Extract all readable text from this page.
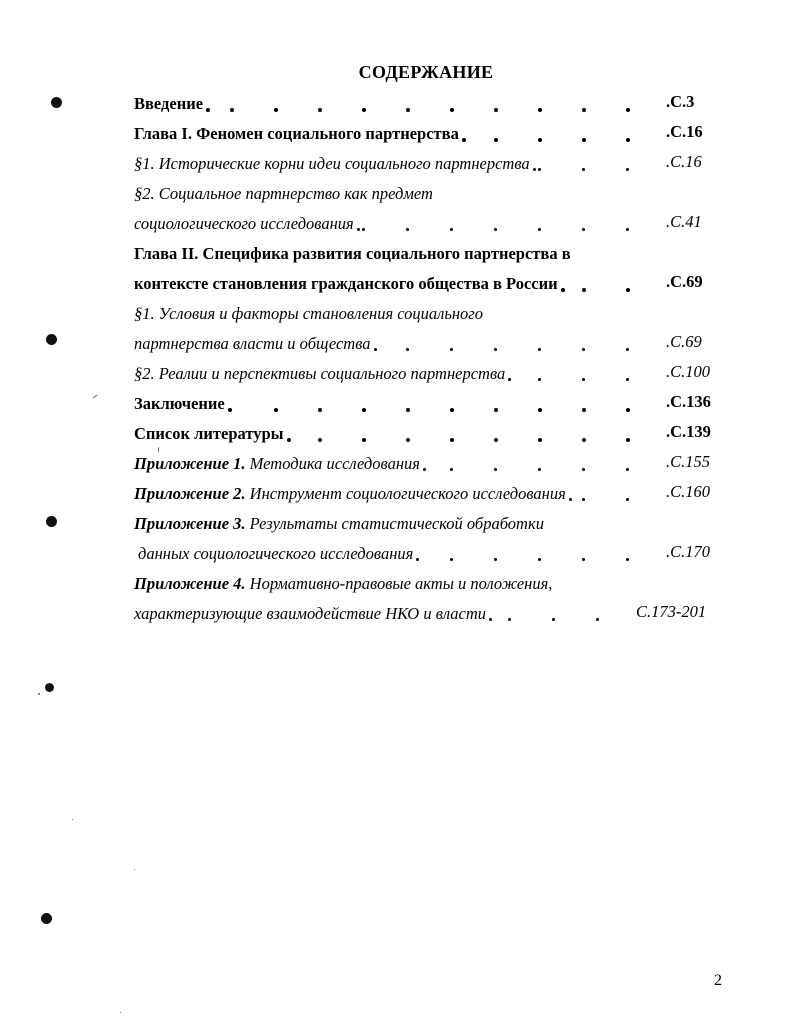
СОДЕРЖАНИЕ
Введение	.С.3
Глава I. Феномен социального партнерства	.С.16
§1. Исторические корни идеи социального партнерства	.С.16
§2. Социальное партнерство как предмет
социологического исследования	.С.41
Глава II. Специфика развития социального партнерства в
контексте становления гражданского общества в России	.С.69
§1. Условия и факторы становления социального
партнерства власти и общества	.С.69
§2. Реалии и перспективы социального партнерства	.С.100
Заключение	.С.136
Список литературы	.С.139
Приложение 1. Методика исследования	.С.155
Приложение 2. Инструмент социологического исследования	.С.160
Приложение 3. Результаты статистической обработки
данных социологического исследования	.С.170
Приложение 4. Нормативно-правовые акты и положения,
характеризующие взаимодействие НКО и власти	С.173-201
2
